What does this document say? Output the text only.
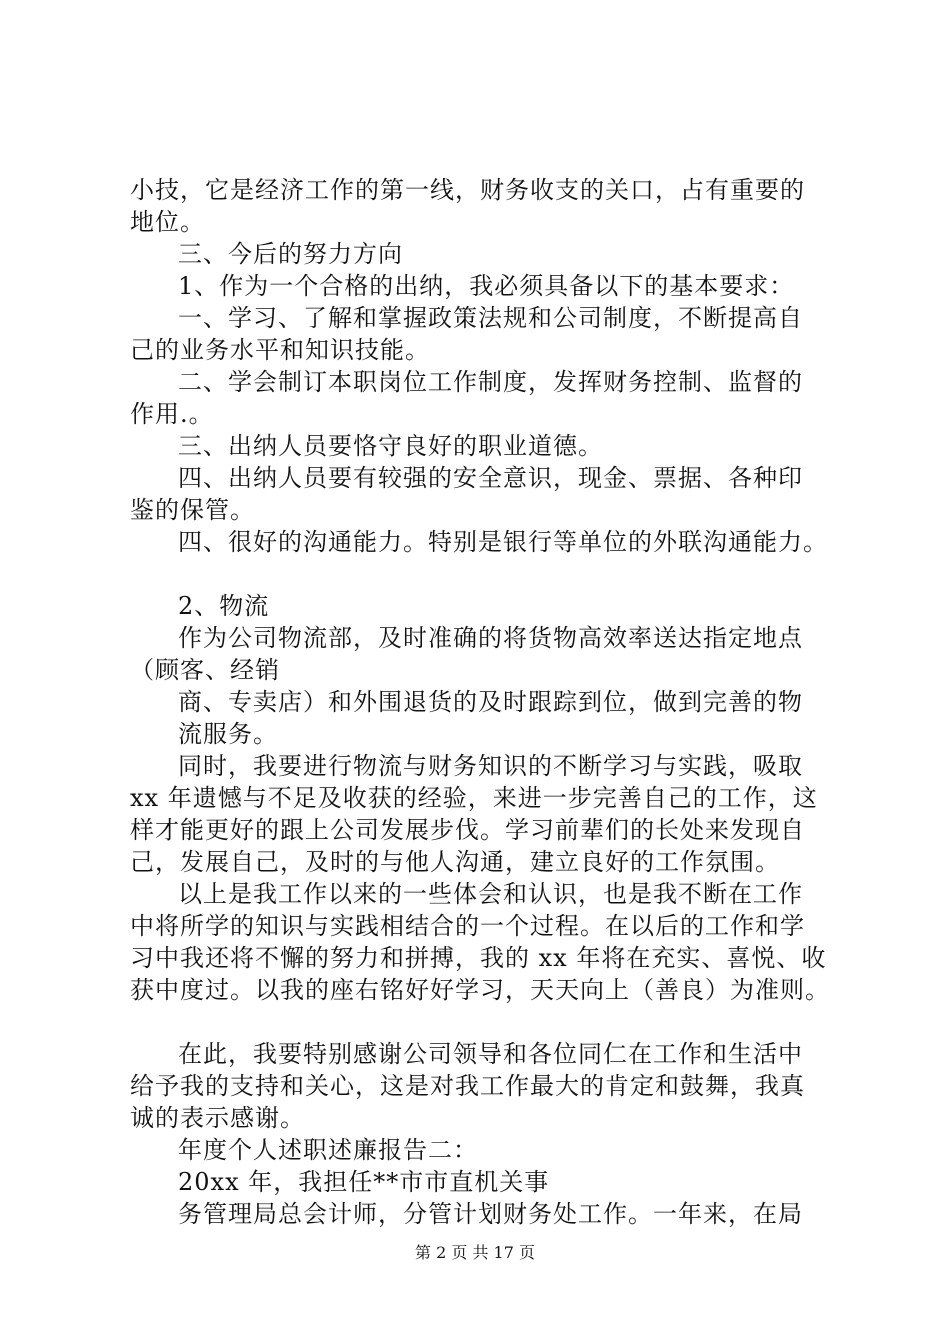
小技，它是经济工作的第一线，财务收支的关口，占有重要的
地位。
三、今后的努力方向
1、作为一个合格的出纳，我必须具备以下的基本要求：
一、学习、了解和掌握政策法规和公司制度，不断提高自
己的业务水平和知识技能。
二、学会制订本职岗位工作制度，发挥财务控制、监督的
作用.。
三、出纳人员要恪守良好的职业道德。
四、出纳人员要有较强的安全意识，现金、票据、各种印
鉴的保管。
四、很好的沟通能力。特别是银行等单位的外联沟通能力。
2、物流
作为公司物流部，及时准确的将货物高效率送达指定地点
（顾客、经销
商、专卖店）和外围退货的及时跟踪到位，做到完善的物
流服务。
同时，我要进行物流与财务知识的不断学习与实践，吸取
xx 年遗憾与不足及收获的经验，来进一步完善自己的工作，这
样才能更好的跟上公司发展步伐。学习前辈们的长处来发现自
己，发展自己，及时的与他人沟通，建立良好的工作氛围。
以上是我工作以来的一些体会和认识，也是我不断在工作
中将所学的知识与实践相结合的一个过程。在以后的工作和学
习中我还将不懈的努力和拼搏，我的 xx 年将在充实、喜悦、收
获中度过。以我的座右铭好好学习，天天向上（善良）为准则。
在此，我要特别感谢公司领导和各位同仁在工作和生活中
给予我的支持和关心，这是对我工作最大的肯定和鼓舞，我真
诚的表示感谢。
年度个人述职述廉报告二：
20xx 年，我担任**市市直机关事
务管理局总会计师，分管计划财务处工作。一年来，在局
第 2 页 共 17 页
